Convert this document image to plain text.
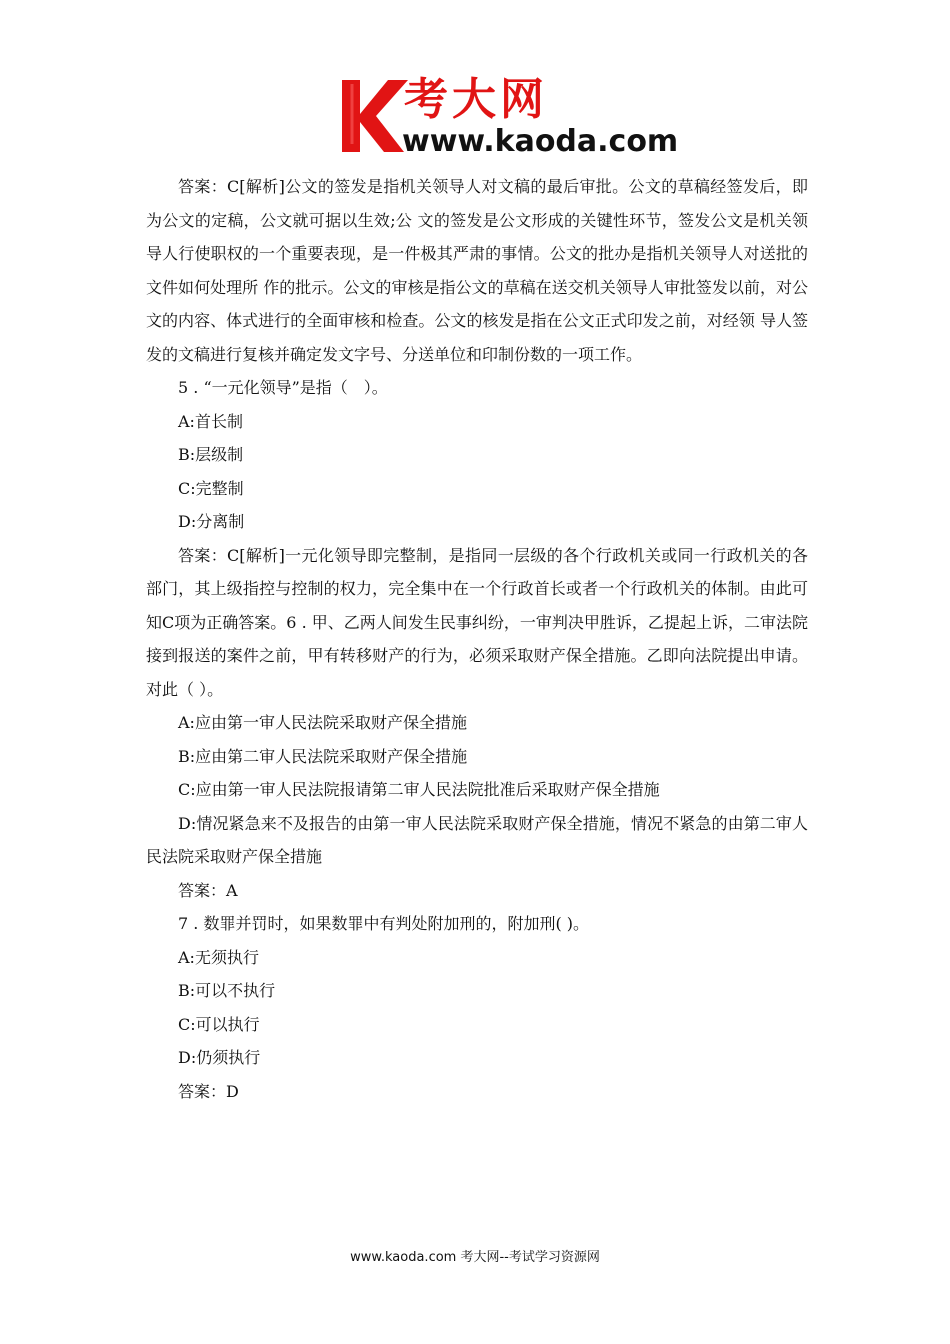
考大网
www.kaoda.com

答案：C[解析]公文的签发是指机关领导人对文稿的最后审批。公文的草稿经签发后，即为公文的定稿，公文就可据以生效;公 文的签发是公文形成的关键性环节，签发公文是机关领导人行使职权的一个重要表现，是一件极其严肃的事情。公文的批办是指机关领导人对送批的文件如何处理所 作的批示。公文的审核是指公文的草稿在送交机关领导人审批签发以前，对公文的内容、体式进行的全面审核和检查。公文的核发是指在公文正式印发之前，对经领 导人签发的文稿进行复核并确定发文字号、分送单位和印制份数的一项工作。

5 . “一元化领导”是指（　）。

A:首长制

B:层级制

C:完整制

D:分离制

答案：C[解析]一元化领导即完整制，是指同一层级的各个行政机关或同一行政机关的各部门，其上级指控与控制的权力，完全集中在一个行政首长或者一个行政机关的体制。由此可知C项为正确答案。6 . 甲、乙两人间发生民事纠纷，一审判决甲胜诉，乙提起上诉，二审法院接到报送的案件之前，甲有转移财产的行为，必须采取财产保全措施。乙即向法院提出申请。对此（ ）。

A:应由第一审人民法院采取财产保全措施

B:应由第二审人民法院采取财产保全措施

C:应由第一审人民法院报请第二审人民法院批准后采取财产保全措施

D:情况紧急来不及报告的由第一审人民法院采取财产保全措施，情况不紧急的由第二审人民法院采取财产保全措施

答案：A

7 . 数罪并罚时，如果数罪中有判处附加刑的，附加刑( )。

A:无须执行

B:可以不执行

C:可以执行

D:仍须执行

答案：D

www.kaoda.com 考大网--考试学习资源网
